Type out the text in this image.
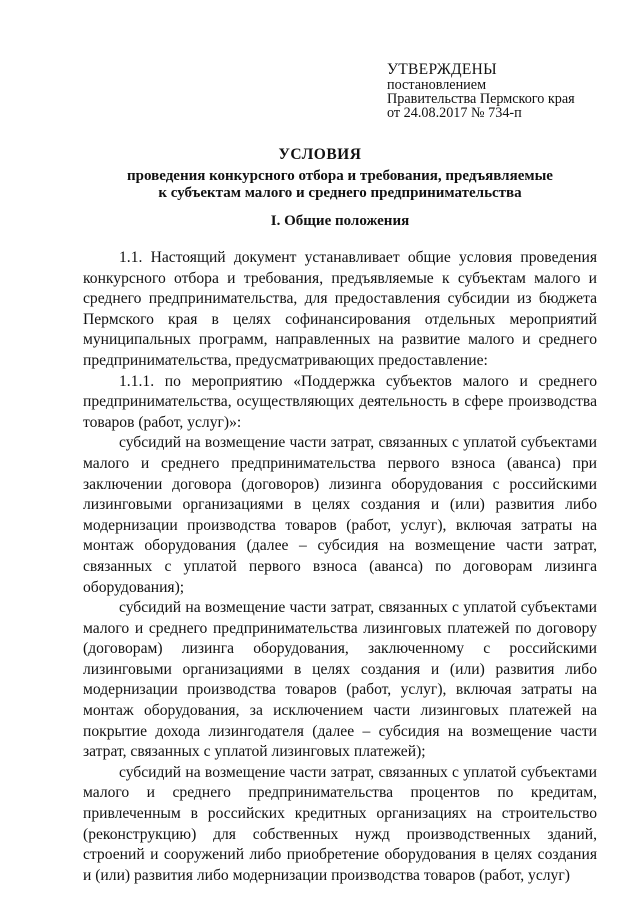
УТВЕРЖДЕНЫ
постановлением
Правительства Пермского края
от 24.08.2017 № 734-п
УСЛОВИЯ
проведения конкурсного отбора и требования, предъявляемые
к субъектам малого и среднего предпринимательства
I. Общие положения

1.1. Настоящий документ устанавливает общие условия проведения конкурсного отбора и требования, предъявляемые к субъектам малого и среднего предпринимательства, для предоставления субсидии из бюджета Пермского края в целях софинансирования отдельных мероприятий муниципальных программ, направленных на развитие малого и среднего предпринимательства, предусматривающих предоставление:

1.1.1. по мероприятию «Поддержка субъектов малого и среднего предпринимательства, осуществляющих деятельность в сфере производства товаров (работ, услуг)»:

субсидий на возмещение части затрат, связанных с уплатой субъектами малого и среднего предпринимательства первого взноса (аванса) при заключении договора (договоров) лизинга оборудования с российскими лизинговыми организациями в целях создания и (или) развития либо модернизации производства товаров (работ, услуг), включая затраты на монтаж оборудования (далее – субсидия на возмещение части затрат, связанных с уплатой первого взноса (аванса) по договорам лизинга оборудования);

субсидий на возмещение части затрат, связанных с уплатой субъектами малого и среднего предпринимательства лизинговых платежей по договору (договорам) лизинга оборудования, заключенному с российскими лизинговыми организациями в целях создания и (или) развития либо модернизации производства товаров (работ, услуг), включая затраты на монтаж оборудования, за исключением части лизинговых платежей на покрытие дохода лизингодателя (далее – субсидия на возмещение части затрат, связанных с уплатой лизинговых платежей);

субсидий на возмещение части затрат, связанных с уплатой субъектами малого и среднего предпринимательства процентов по кредитам, привлеченным в российских кредитных организациях на строительство (реконструкцию) для собственных нужд производственных зданий, строений и сооружений либо приобретение оборудования в целях создания и (или) развития либо модернизации производства товаров (работ, услуг)
